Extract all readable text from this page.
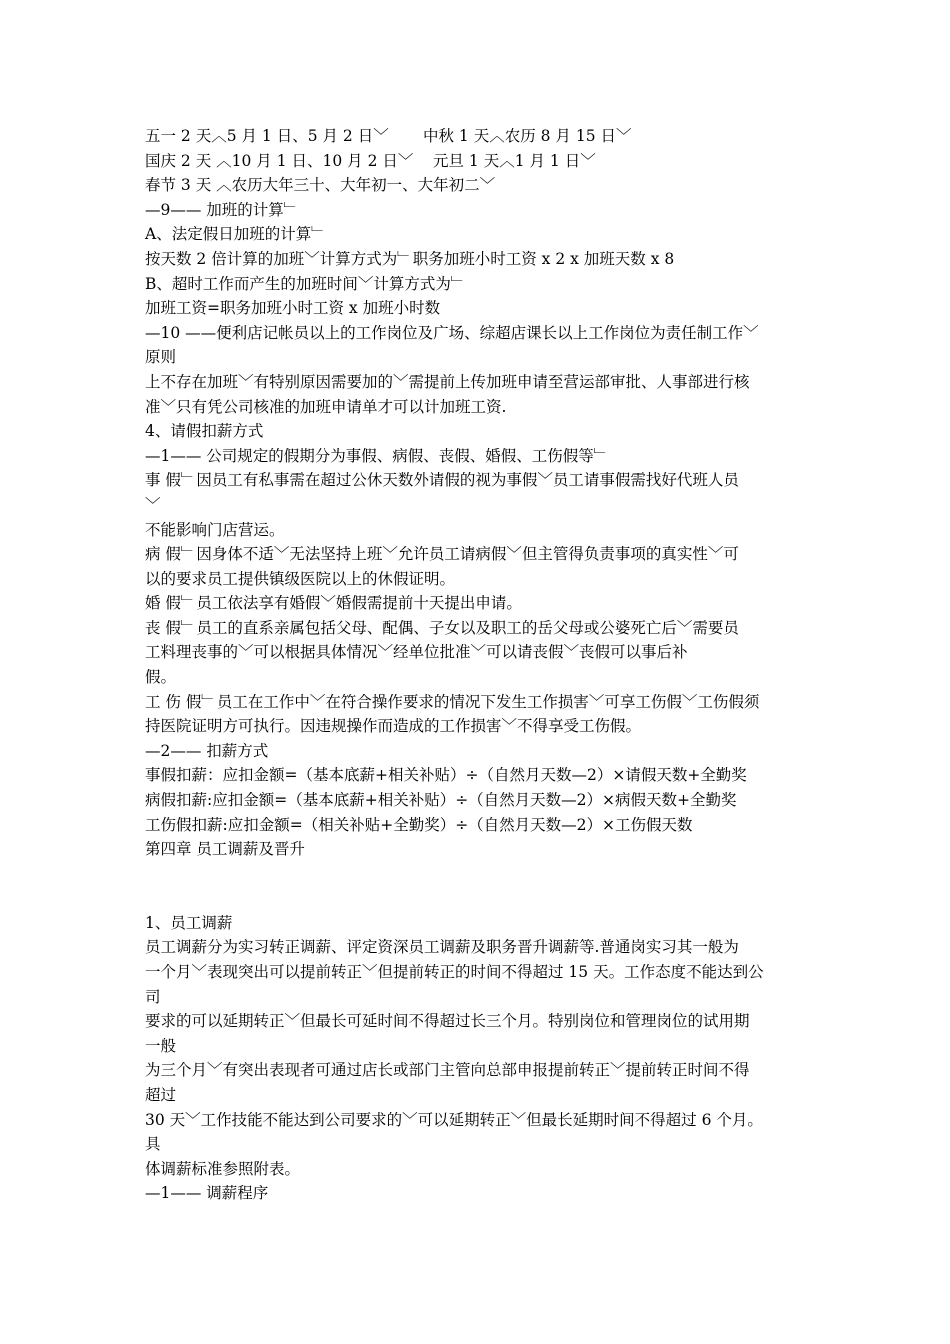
五一 2 天︿5 月 1 日、5 月 2 日﹀ 中秋 1 天︿农历 8 月 15 日﹀
国庆 2 天 ︿10 月 1 日、10 月 2 日﹀ 元旦 1 天︿1 月 1 日﹀
春节 3 天 ︿农历大年三十、大年初一、大年初二﹀
—9—— 加班的计算﹂
A、法定假日加班的计算﹂
按天数 2 倍计算的加班﹀计算方式为﹂职务加班小时工资 x 2 x 加班天数 x 8
B、超时工作而产生的加班时间﹀计算方式为﹂
加班工资=职务加班小时工资 x 加班小时数
—10 ——便利店记帐员以上的工作岗位及广场、综超店课长以上工作岗位为责任制工作﹀
原则
上不存在加班﹀有特别原因需要加的﹀需提前上传加班申请至营运部审批、人事部进行核
准﹀只有凭公司核准的加班申请单才可以计加班工资.
4、请假扣薪方式
—1—— 公司规定的假期分为事假、病假、丧假、婚假、工伤假等﹂
事 假﹂因员工有私事需在超过公休天数外请假的视为事假﹀员工请事假需找好代班人员
﹀
不能影响门店营运。
病 假﹂因身体不适﹀无法坚持上班﹀允许员工请病假﹀但主管得负责事项的真实性﹀可
以的要求员工提供镇级医院以上的休假证明。
婚 假﹂员工依法享有婚假﹀婚假需提前十天提出申请。
丧 假﹂员工的直系亲属包括父母、配偶、子女以及职工的岳父母或公婆死亡后﹀需要员
工料理丧事的﹀可以根据具体情况﹀经单位批准﹀可以请丧假﹀丧假可以事后补
假。
工 伤 假﹂员工在工作中﹀在符合操作要求的情况下发生工作损害﹀可享工伤假﹀工伤假须
持医院证明方可执行。因违规操作而造成的工作损害﹀不得享受工伤假。
—2—— 扣薪方式
事假扣薪：应扣金额=（基本底薪+相关补贴）÷（自然月天数—2）×请假天数+全勤奖
病假扣薪:应扣金额=（基本底薪+相关补贴）÷（自然月天数—2）×病假天数+全勤奖
工伤假扣薪:应扣金额=（相关补贴+全勤奖）÷（自然月天数—2）×工伤假天数
第四章 员工调薪及晋升
1、员工调薪
员工调薪分为实习转正调薪、评定资深员工调薪及职务晋升调薪等.普通岗实习其一般为
一个月﹀表现突出可以提前转正﹀但提前转正的时间不得超过 15 天。工作态度不能达到公
司
要求的可以延期转正﹀但最长可延时间不得超过长三个月。特别岗位和管理岗位的试用期
一般
为三个月﹀有突出表现者可通过店长或部门主管向总部申报提前转正﹀提前转正时间不得
超过
30 天﹀工作技能不能达到公司要求的﹀可以延期转正﹀但最长延期时间不得超过 6 个月。
具
体调薪标准参照附表。
—1—— 调薪程序
